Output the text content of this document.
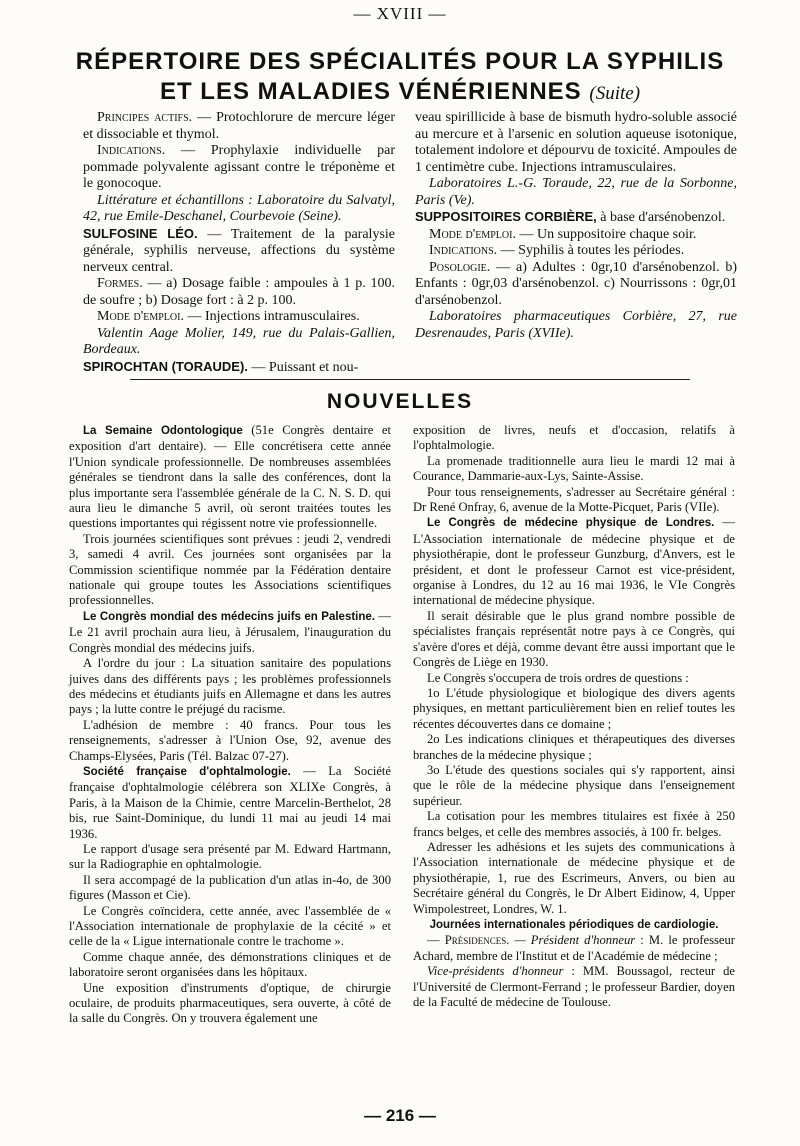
— XVIII —
RÉPERTOIRE DES SPÉCIALITÉS POUR LA SYPHILIS
ET LES MALADIES VÉNÉRIENNES (Suite)

Principes actifs. — Protochlorure de mercure léger et dissociable et thymol.

Indications. — Prophylaxie individuelle par pommade polyvalente agissant contre le tréponème et le gonocoque.

Littérature et échantillons : Laboratoire du Salvatyl, 42, rue Emile-Deschanel, Courbevoie (Seine).

SULFOSINE LÉO. — Traitement de la paralysie générale, syphilis nerveuse, affections du système nerveux central.

Formes. — a) Dosage faible : ampoules à 1 p. 100. de soufre ; b) Dosage fort : à 2 p. 100.

Mode d'emploi. — Injections intramusculaires.

Valentin Aage Molier, 149, rue du Palais-Gallien, Bordeaux.

SPIROCHTAN (TORAUDE). — Puissant et nou-

veau spirillicide à base de bismuth hydro-soluble associé au mercure et à l'arsenic en solution aqueuse isotonique, totalement indolore et dépourvu de toxicité. Ampoules de 1 centimètre cube. Injections intramusculaires.

Laboratoires L.-G. Toraude, 22, rue de la Sorbonne, Paris (Ve).

SUPPOSITOIRES CORBIÈRE, à base d'arsénobenzol.

Mode d'emploi. — Un suppositoire chaque soir.

Indications. — Syphilis à toutes les périodes.

Posologie. — a) Adultes : 0gr,10 d'arsénobenzol. b) Enfants : 0gr,03 d'arsénobenzol. c) Nourrissons : 0gr,01 d'arsénobenzol.

Laboratoires pharmaceutiques Corbière, 27, rue Desrenaudes, Paris (XVIIe).

NOUVELLES

La Semaine Odontologique (51e Congrès dentaire et exposition d'art dentaire). — Elle concrétisera cette année l'Union syndicale professionnelle. De nombreuses assemblées générales se tiendront dans la salle des conférences, dont la plus importante sera l'assemblée générale de la C. N. S. D. qui aura lieu le dimanche 5 avril, où seront traitées toutes les questions importantes qui régissent notre vie professionnelle.

Trois journées scientifiques sont prévues : jeudi 2, vendredi 3, samedi 4 avril. Ces journées sont organisées par la Commission scientifique nommée par la Fédération dentaire nationale qui groupe toutes les Associations scientifiques professionnelles.

Le Congrès mondial des médecins juifs en Palestine. — Le 21 avril prochain aura lieu, à Jérusalem, l'inauguration du Congrès mondial des médecins juifs.

A l'ordre du jour : La situation sanitaire des populations juives dans des différents pays ; les problèmes professionnels des médecins et étudiants juifs en Allemagne et dans les autres pays ; la lutte contre le préjugé du racisme.

L'adhésion de membre : 40 francs. Pour tous les renseignements, s'adresser à l'Union Ose, 92, avenue des Champs-Elysées, Paris (Tél. Balzac 07-27).

Société française d'ophtalmologie. — La Société française d'ophtalmologie célébrera son XLIXe Congrès, à Paris, à la Maison de la Chimie, centre Marcelin-Berthelot, 28 bis, rue Saint-Dominique, du lundi 11 mai au jeudi 14 mai 1936.

Le rapport d'usage sera présenté par M. Edward Hartmann, sur la Radiographie en ophtalmologie.

Il sera accompagé de la publication d'un atlas in-4o, de 300 figures (Masson et Cie).

Le Congrès coïncidera, cette année, avec l'assemblée de « l'Association internationale de prophylaxie de la cécité » et celle de la « Ligue internationale contre le trachome ».

Comme chaque année, des démonstrations cliniques et de laboratoire seront organisées dans les hôpitaux.

Une exposition d'instruments d'optique, de chirurgie oculaire, de produits pharmaceutiques, sera ouverte, à côté de la salle du Congrès. On y trouvera également une

exposition de livres, neufs et d'occasion, relatifs à l'ophtalmologie.

La promenade traditionnelle aura lieu le mardi 12 mai à Courance, Dammarie-aux-Lys, Sainte-Assise.

Pour tous renseignements, s'adresser au Secrétaire général : Dr René Onfray, 6, avenue de la Motte-Picquet, Paris (VIIe).

Le Congrès de médecine physique de Londres. — L'Association internationale de médecine physique et de physiothérapie, dont le professeur Gunzburg, d'Anvers, est le président, et dont le professeur Carnot est vice-président, organise à Londres, du 12 au 16 mai 1936, le VIe Congrès international de médecine physique.

Il serait désirable que le plus grand nombre possible de spécialistes français représentât notre pays à ce Congrès, qui s'avère d'ores et déjà, comme devant être aussi important que le Congrès de Liège en 1930.

Le Congrès s'occupera de trois ordres de questions :

1o L'étude physiologique et biologique des divers agents physiques, en mettant particulièrement bien en relief toutes les récentes découvertes dans ce domaine ;

2o Les indications cliniques et thérapeutiques des diverses branches de la médecine physique ;

3o L'étude des questions sociales qui s'y rapportent, ainsi que le rôle de la médecine physique dans l'enseignement supérieur.

La cotisation pour les membres titulaires est fixée à 250 francs belges, et celle des membres associés, à 100 fr. belges.

Adresser les adhésions et les sujets des communications à l'Association internationale de médecine physique et de physiothérapie, 1, rue des Escrimeurs, Anvers, ou bien au Secrétaire général du Congrès, le Dr Albert Eidinow, 4, Upper Wimpolestreet, Londres, W. 1.

Journées internationales périodiques de cardiologie.

— Présidences. — Président d'honneur : M. le professeur Achard, membre de l'Institut et de l'Académie de médecine ;

Vice-présidents d'honneur : MM. Boussagol, recteur de l'Université de Clermont-Ferrand ; le professeur Bardier, doyen de la Faculté de médecine de Toulouse.

— 216 —
